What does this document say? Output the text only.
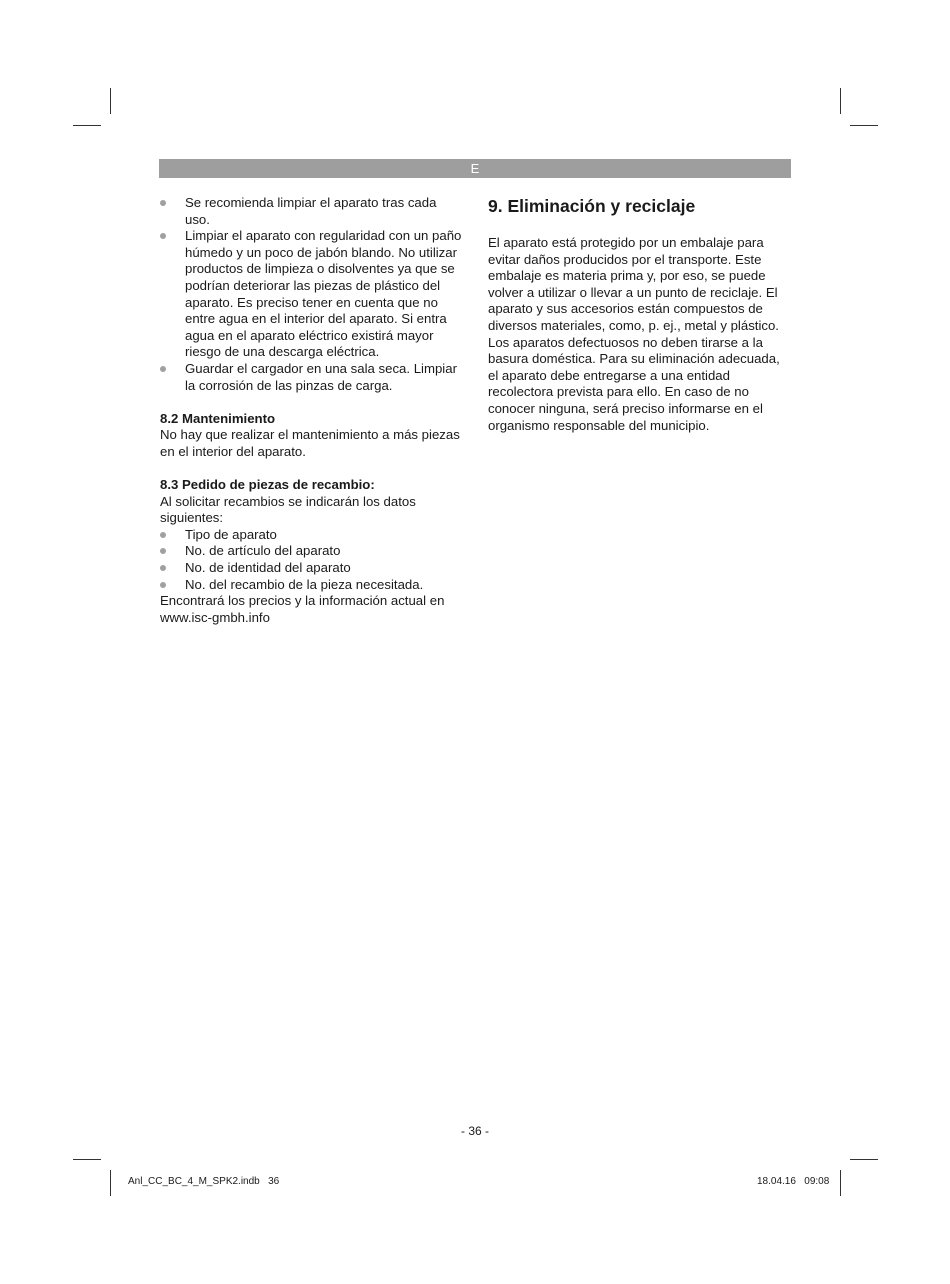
E
Se recomienda limpiar el aparato tras cada uso.
Limpiar el aparato con regularidad con un paño húmedo y un poco de jabón blando. No utilizar productos de limpieza o disolventes ya que se podrían deteriorar las piezas de plástico del aparato. Es preciso tener en cuenta que no entre agua en el interior del aparato. Si entra agua en el aparato eléctrico existirá mayor riesgo de una descarga eléctrica.
Guardar el cargador en una sala seca. Limpiar la corrosión de las pinzas de carga.
8.2 Mantenimiento

No hay que realizar el mantenimiento a más piezas en el interior del aparato.

8.3 Pedido de piezas de recambio:

Al solicitar recambios se indicarán los datos siguientes:

Tipo de aparato
No. de artículo del aparato
No. de identidad del aparato
No. del recambio de la pieza necesitada.

Encontrará los precios y la información actual en www.isc-gmbh.info

9. Eliminación y reciclaje

El aparato está protegido por un embalaje para evitar daños producidos por el transporte. Este embalaje es materia prima y, por eso, se puede volver a utilizar o llevar a un punto de reciclaje. El aparato y sus accesorios están compuestos de diversos materiales, como, p. ej., metal y plástico. Los aparatos defectuosos no deben tirarse a la basura doméstica. Para su eliminación adecuada, el aparato debe entregarse a una entidad recolectora prevista para ello. En caso de no conocer ninguna, será preciso informarse en el organismo responsable del municipio.

- 36 -
Anl_CC_BC_4_M_SPK2.indb   36	18.04.16   09:08
